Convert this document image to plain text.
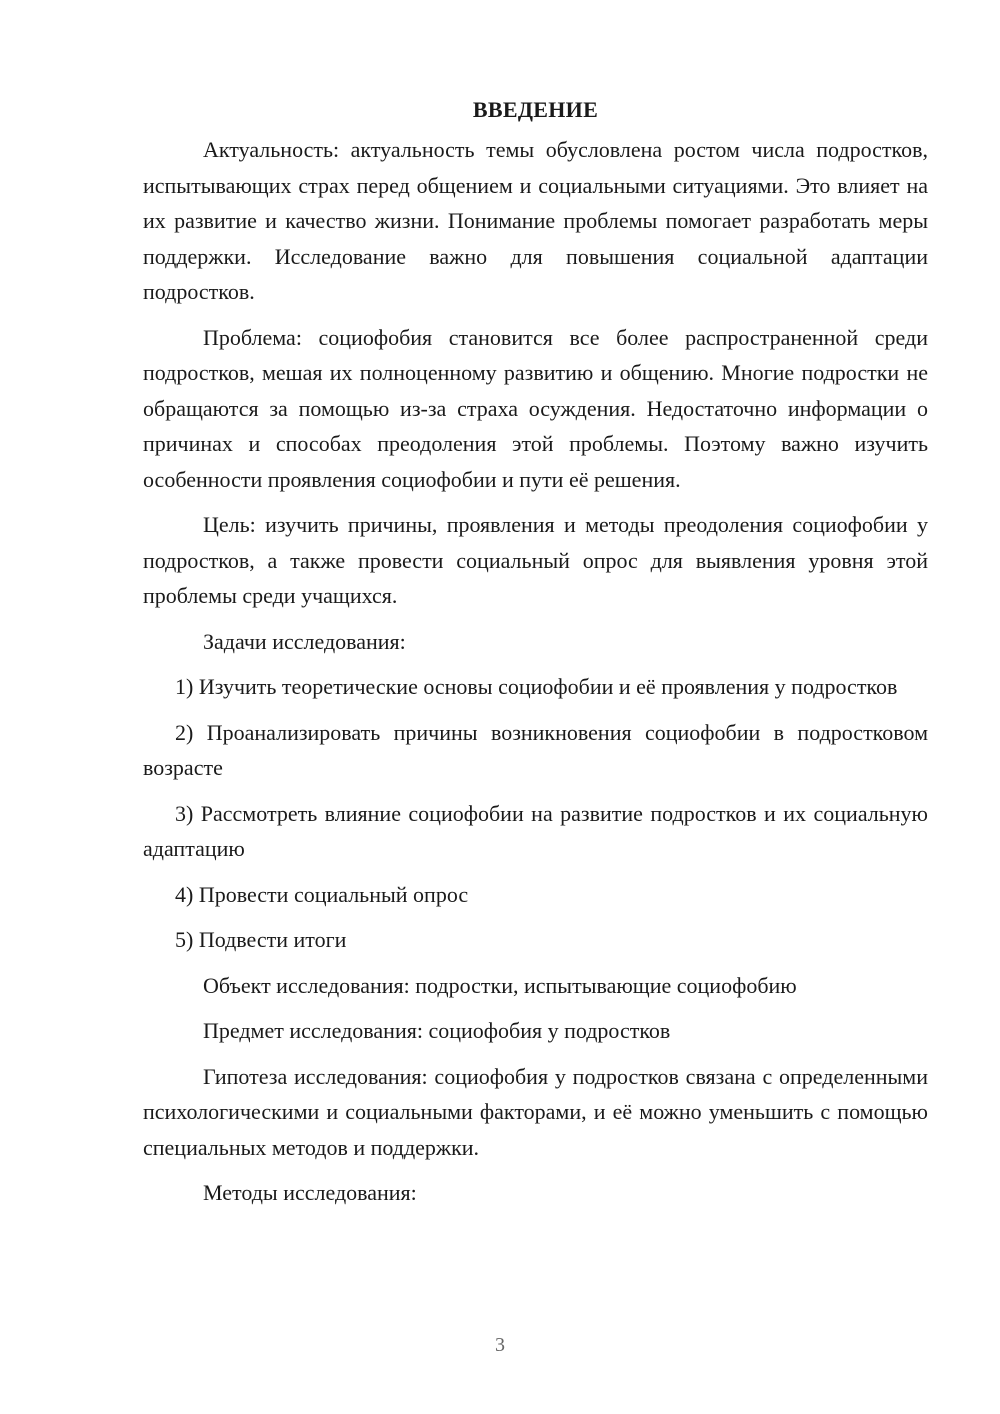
ВВЕДЕНИЕ

Актуальность: актуальность темы обусловлена ростом числа подростков, испытывающих страх перед общением и социальными ситуациями. Это влияет на их развитие и качество жизни. Понимание проблемы помогает разработать меры поддержки. Исследование важно для повышения социальной адаптации подростков.

Проблема: социофобия становится все более распространенной среди подростков, мешая их полноценному развитию и общению. Многие подростки не обращаются за помощью из-за страха осуждения. Недостаточно информации о причинах и способах преодоления этой проблемы. Поэтому важно изучить особенности проявления социофобии и пути её решения.

Цель: изучить причины, проявления и методы преодоления социофобии у подростков, а также провести социальный опрос для выявления уровня этой проблемы среди учащихся.

Задачи исследования:

1) Изучить теоретические основы социофобии и её проявления у подростков

2) Проанализировать причины возникновения социофобии в подростковом возрасте

3) Рассмотреть влияние социофобии на развитие подростков и их социальную адаптацию

4) Провести социальный опрос

5) Подвести итоги

Объект исследования: подростки, испытывающие социофобию

Предмет исследования: социофобия у подростков

Гипотеза исследования: социофобия у подростков связана с определенными психологическими и социальными факторами, и её можно уменьшить с помощью специальных методов и поддержки.

Методы исследования:

3
